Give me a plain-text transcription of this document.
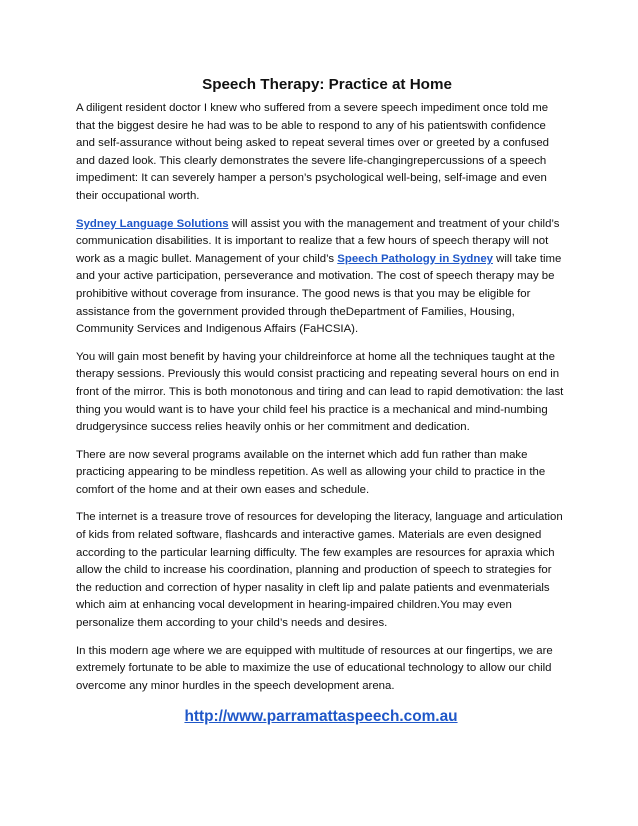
Speech Therapy: Practice at Home

A diligent resident doctor I knew who suffered from a severe speech impediment once told me that the biggest desire he had was to be able to respond to any of his patientswith confidence and self-assurance without being asked to repeat several times over or greeted by a confused and dazed look. This clearly demonstrates the severe life-changingrepercussions of a speech impediment: It can severely hamper a person’s psychological well-being, self-image and even their occupational worth.

Sydney Language Solutions will assist you with the management and treatment of your child’s communication disabilities. It is important to realize that a few hours of speech therapy will not work as a magic bullet. Management of your child’s Speech Pathology in Sydney will take time and your active participation, perseverance and motivation. The cost of speech therapy may be prohibitive without coverage from insurance. The good news is that you may be eligible for assistance from the government provided through theDepartment of Families, Housing, Community Services and Indigenous Affairs (FaHCSIA).

You will gain most benefit by having your childreinforce at home all the techniques taught at the therapy sessions. Previously this would consist practicing and repeating several hours on end in front of the mirror. This is both monotonous and tiring and can lead to rapid demotivation: the last thing you would want is to have your child feel his practice is a mechanical and mind-numbing drudgerysince success relies heavily onhis or her commitment and dedication.

There are now several programs available on the internet which add fun rather than make practicing appearing to be mindless repetition. As well as allowing your child to practice in the comfort of the home and at their own eases and schedule.

The internet is a treasure trove of resources for developing the literacy, language and articulation of kids from related software, flashcards and interactive games. Materials are even designed according to the particular learning difficulty. The few examples are resources for apraxia which allow the child to increase his coordination, planning and production of speech to strategies for the reduction and correction of hyper nasality in cleft lip and palate patients and evenmaterials which aim at enhancing vocal development in hearing-impaired children.You may even personalize them according to your child’s needs and desires.

In this modern age where we are equipped with multitude of resources at our fingertips, we are extremely fortunate to be able to maximize the use of educational technology to allow our child overcome any minor hurdles in the speech development arena.

http://www.parramattaspeech.com.au
